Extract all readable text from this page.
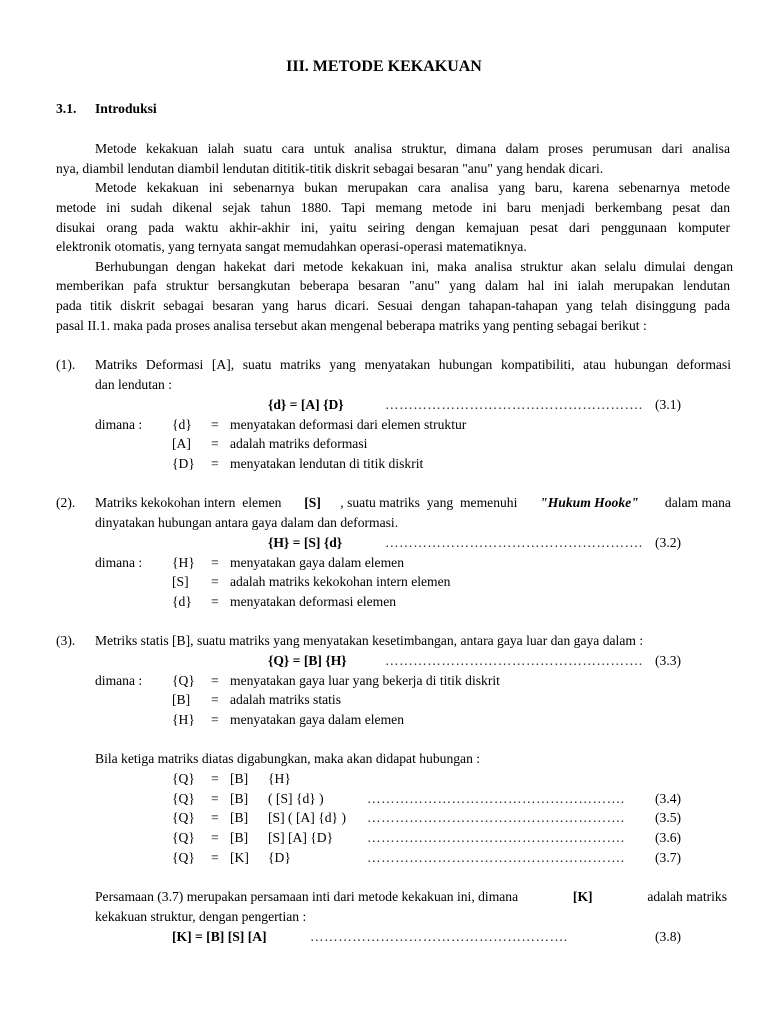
III. METODE KEKAKUAN
3.1. Introduksi
Metode kekakuan ialah suatu cara untuk analisa struktur, dimana dalam proses perumusan dari analisa
nya, diambil lendutan diambil lendutan dititik-titik diskrit sebagai besaran "anu" yang hendak dicari.
Metode kekakuan ini sebenarnya bukan merupakan cara analisa yang baru, karena sebenarnya metode
metode ini sudah dikenal sejak tahun 1880. Tapi memang metode ini baru menjadi berkembang pesat dan
disukai orang pada waktu akhir-akhir ini, yaitu seiring dengan kemajuan pesat dari penggunaan komputer
elektronik otomatis, yang ternyata sangat memudahkan operasi-operasi matematiknya.
Berhubungan dengan hakekat dari metode kekakuan ini, maka analisa struktur akan selalu dimulai dengan
memberikan pafa struktur bersangkutan beberapa besaran "anu" yang dalam hal ini ialah merupakan lendutan
pada titik diskrit sebagai besaran yang harus dicari. Sesuai dengan tahapan-tahapan yang telah disinggung pada
pasal II.1. maka pada proses analisa tersebut akan mengenal beberapa matriks yang penting sebagai berikut :
(1). Matriks Deformasi [A], suatu matriks yang menyatakan hubungan kompatibiliti, atau hubungan deformasi
dan lendutan :
{d} = [A] {D}	………………………………………………. (3.1)
dimana : {d} = menyatakan deformasi dari elemen struktur
[A] = adalah matriks deformasi
{D} = menyatakan lendutan di titik diskrit
(2). Matriks kekokohan intern  elemen [S] , suatu matriks  yang  memenuhi "Hukum Hooke" dalam mana
dinyatakan hubungan antara gaya dalam dan deformasi.
{H} = [S] {d}	………………………………………………. (3.2)
dimana : {H} = menyatakan gaya dalam elemen
[S] = adalah matriks kekokohan intern elemen
{d} = menyatakan deformasi elemen
(3). Metriks statis [B], suatu matriks yang menyatakan kesetimbangan, antara gaya luar dan gaya dalam :
{Q} = [B] {H}	………………………………………………. (3.3)
dimana : {Q} = menyatakan gaya luar yang bekerja di titik diskrit
[B] = adalah matriks statis
{H} = menyatakan gaya dalam elemen
Bila ketiga matriks diatas digabungkan, maka akan didapat hubungan :
{Q} = [B] {H}
{Q} = [B] ( [S] {d} )	………………………………………………. (3.4)
{Q} = [B] [S] ( [A] {d} ) ………………………………………………. (3.5)
{Q} = [B] [S] [A] {D} ………………………………………………. (3.6)
{Q} = [K] {D}	………………………………………………. (3.7)
Persamaan (3.7) merupakan persamaan inti dari metode kekakuan ini, dimana	[K]	adalah matriks
kekakuan struktur, dengan pengertian :
[K] = [B] [S] [A]	……………………………………………….	(3.8)
